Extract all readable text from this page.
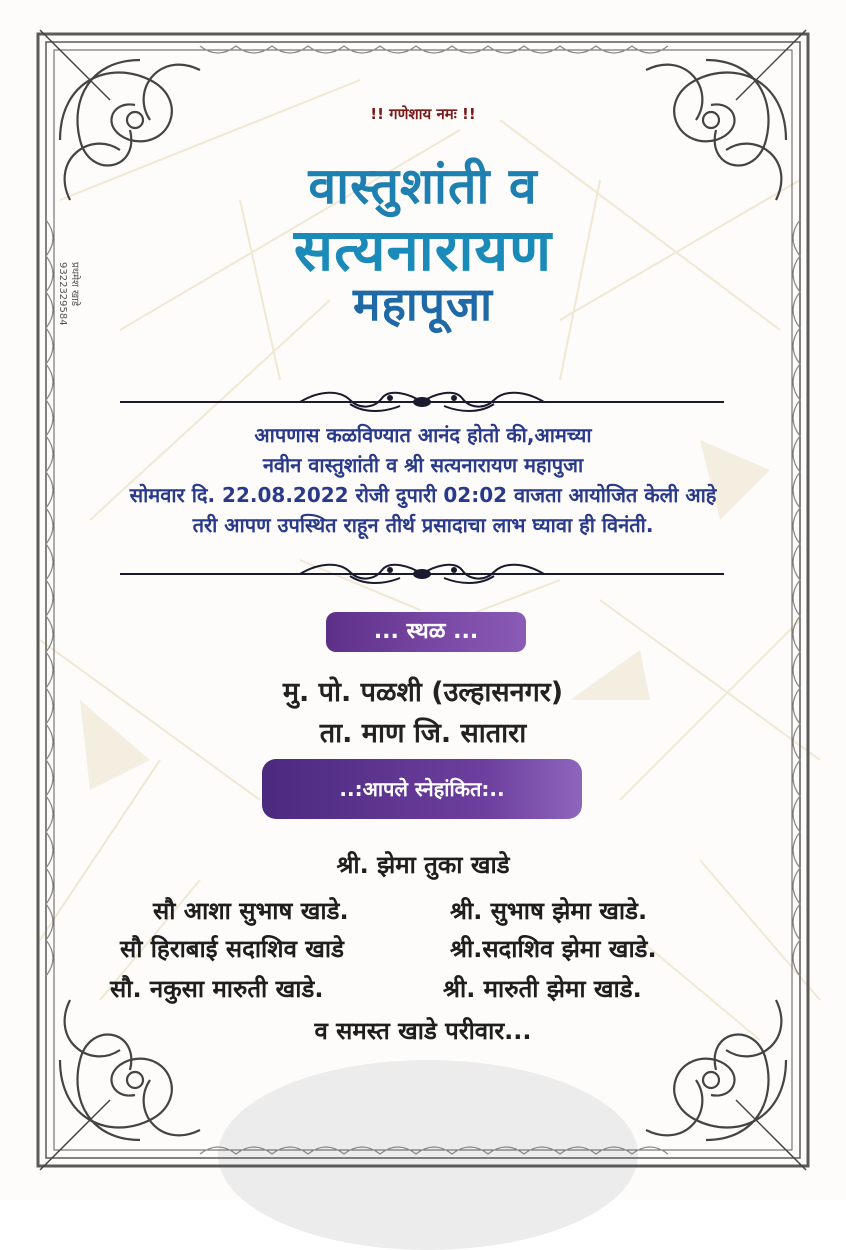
प्रथमेश खाडे
9322329584
!! गणेशाय नमः !!
वास्तुशांती व
सत्यनारायण
महापूजा
आपणास कळविण्यात आनंद होतो की,आमच्या
नवीन वास्तुशांती व श्री सत्यनारायण महापुजा
सोमवार दि. 22.08.2022 रोजी दुपारी 02:02 वाजता आयोजित केली आहे
तरी आपण उपस्थित राहून तीर्थ प्रसादाचा लाभ घ्यावा ही विनंती.
... स्थळ ...
मु. पो. पळशी (उल्हासनगर)
ता. माण जि. सातारा
..:आपले स्नेहांकित:..
श्री. झेमा तुका खाडे
सौ आशा सुभाष खाडे.	श्री. सुभाष झेमा खाडे.
सौ हिराबाई सदाशिव खाडे	श्री.सदाशिव झेमा खाडे.
सौ. नकुसा मारुती खाडे.	श्री. मारुती झेमा खाडे.
व समस्त खाडे परीवार...
